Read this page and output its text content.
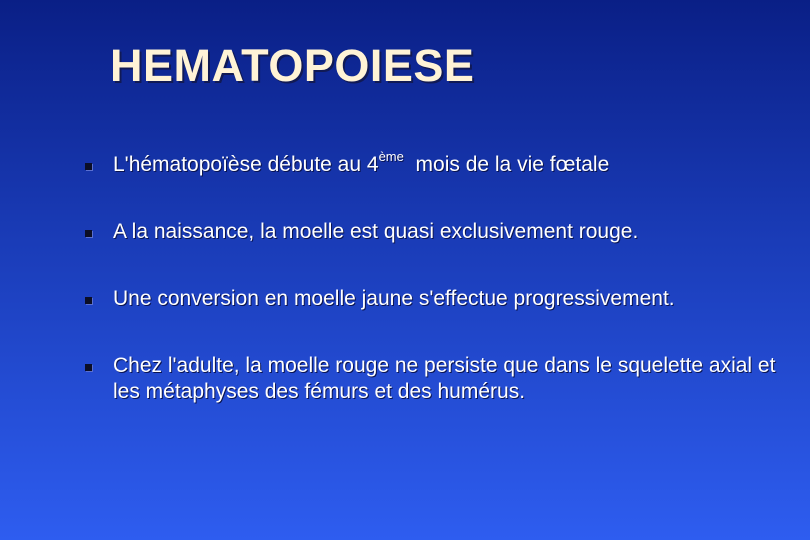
HEMATOPOIESE
L'hématopoïèse débute au 4ème  mois de la vie fœtale
A la naissance, la moelle est quasi exclusivement rouge.
Une conversion en moelle jaune s'effectue progressivement.
Chez l'adulte, la moelle rouge ne persiste que dans le squelette axial et les métaphyses des fémurs et des humérus.
